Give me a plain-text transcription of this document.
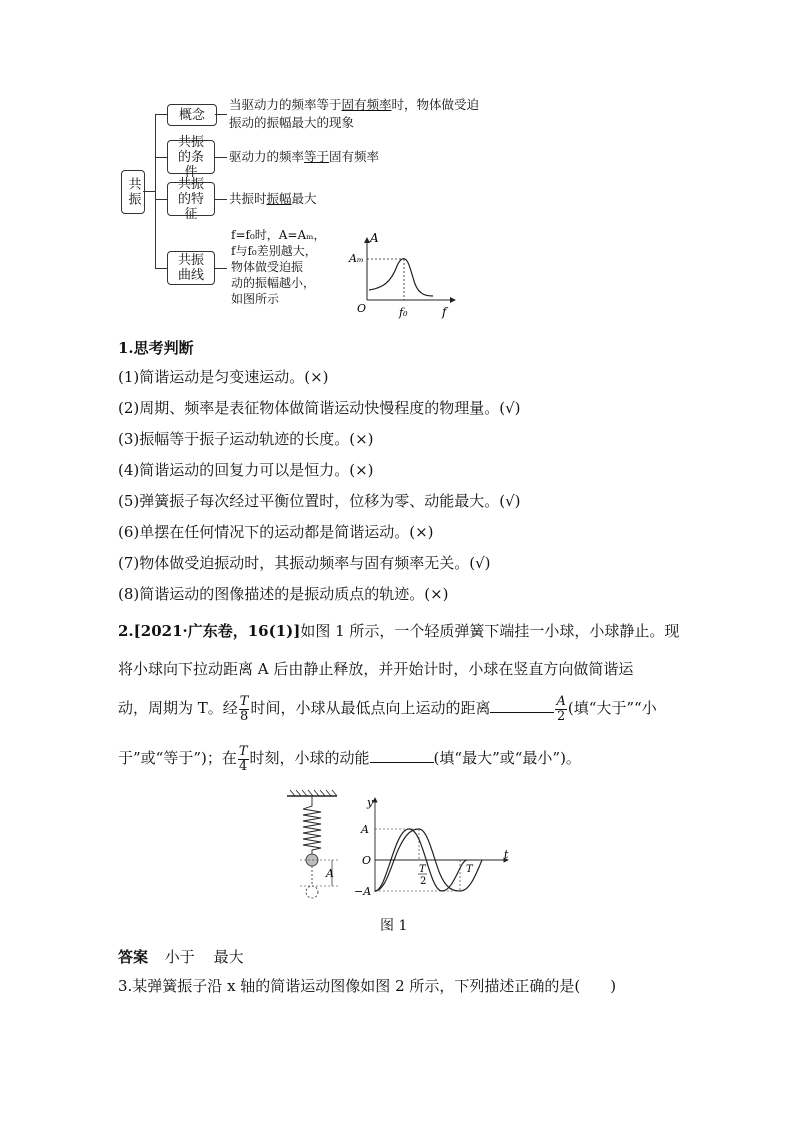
共振
概念
共振的条件
共振的特征
共振曲线
当驱动力的频率等于固有频率时，物体做受迫
振动的振幅最大的现象
驱动力的频率等于固有频率
共振时振幅最大
f=f₀时，A=Aₘ，
f与f₀差别越大，
物体做受迫振
动的振幅越小，
如图所示
A
Aₘ
O	f₀	f
1.思考判断
(1)简谐运动是匀变速运动。(×)
(2)周期、频率是表征物体做简谐运动快慢程度的物理量。(√)
(3)振幅等于振子运动轨迹的长度。(×)
(4)简谐运动的回复力可以是恒力。(×)
(5)弹簧振子每次经过平衡位置时，位移为零、动能最大。(√)
(6)单摆在任何情况下的运动都是简谐运动。(×)
(7)物体做受迫振动时，其振动频率与固有频率无关。(√)
(8)简谐运动的图像描述的是振动质点的轨迹。(×)
2.[2021·广东卷，16(1)]如图 1 所示，一个轻质弹簧下端挂一小球，小球静止。现
将小球向下拉动距离 A 后由静止释放，并开始计时，小球在竖直方向做简谐运
动，周期为 T。经 $\frac{T}{8}$ 时间，小球从最低点向上运动的距离	$\frac{A}{2}$ (填“大于”“小
于”或“等于”)；在 $\frac{T}{4}$ 时刻，小球的动能	(填“最大”或“最小”)。
A
y
A
O
−A
t
T
2
T
图 1
答案 小于 最大
3.某弹簧振子沿 x 轴的简谐运动图像如图 2 所示，下列描述正确的是(　　)
